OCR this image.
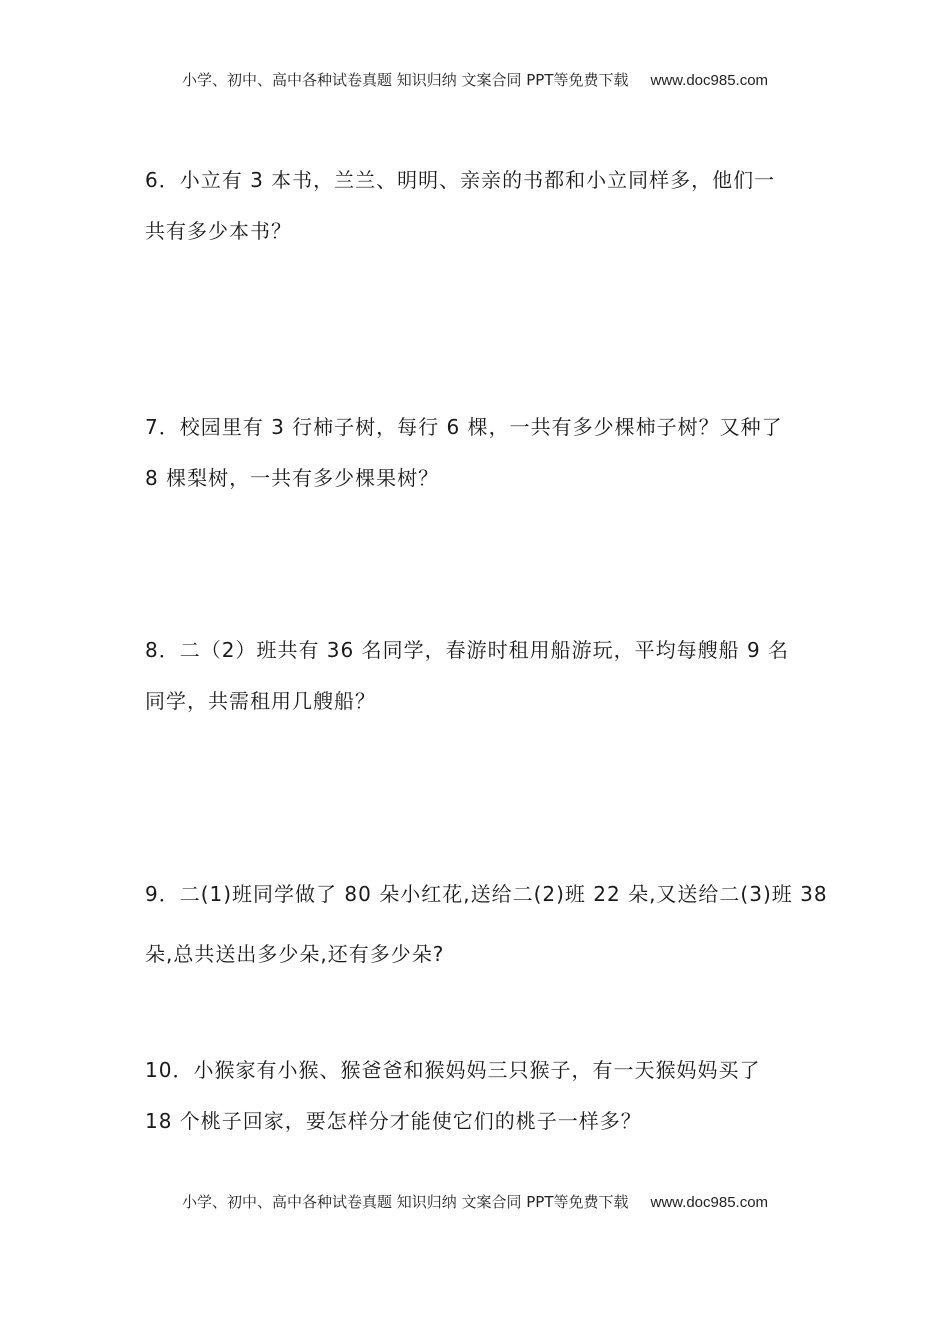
小学、初中、高中各种试卷真题 知识归纳 文案合同 PPT等免费下载 www.doc985.com
6．小立有 3 本书，兰兰、明明、亲亲的书都和小立同样多，他们一
共有多少本书？
7．校园里有 3 行柿子树，每行 6 棵，一共有多少棵柿子树？又种了
8 棵梨树，一共有多少棵果树？
8．二（2）班共有 36 名同学，春游时租用船游玩，平均每艘船 9 名
同学，共需租用几艘船？
9．二(1)班同学做了 80 朵小红花,送给二(2)班 22 朵,又送给二(3)班 38
朵,总共送出多少朵,还有多少朵?
10．小猴家有小猴、猴爸爸和猴妈妈三只猴子，有一天猴妈妈买了
18 个桃子回家，要怎样分才能使它们的桃子一样多？
小学、初中、高中各种试卷真题 知识归纳 文案合同 PPT等免费下载 www.doc985.com
